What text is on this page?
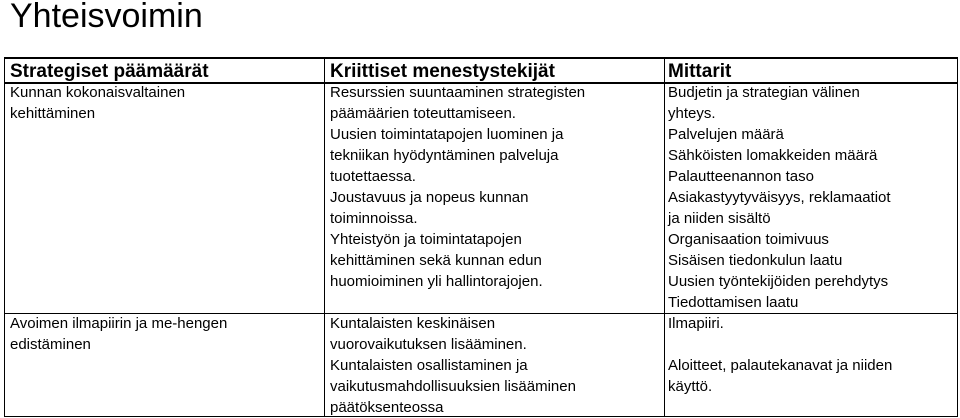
Yhteisvoimin
Strategiset päämäärät	Kriittiset menestystekijät	Mittarit
Kunnan kokonaisvaltainen
kehittäminen
Resurssien suuntaaminen strategisten
päämäärien toteuttamiseen.
Uusien toimintatapojen luominen ja
tekniikan hyödyntäminen palveluja
tuotettaessa.
Joustavuus ja nopeus kunnan
toiminnoissa.
Yhteistyön ja toimintatapojen
kehittäminen sekä kunnan edun
huomioiminen yli hallintorajojen.
Budjetin ja strategian välinen
yhteys.
Palvelujen määrä
Sähköisten lomakkeiden määrä
Palautteenannon taso
Asiakastyytyväisyys, reklamaatiot
ja niiden sisältö
Organisaation toimivuus
Sisäisen tiedonkulun laatu
Uusien työntekijöiden perehdytys
Tiedottamisen laatu
Avoimen ilmapiirin ja me-hengen
edistäminen
Kuntalaisten keskinäisen
vuorovaikutuksen lisääminen.
Kuntalaisten osallistaminen ja
vaikutusmahdollisuuksien lisääminen
päätöksenteossa
Ilmapiiri.
Aloitteet, palautekanavat ja niiden
käyttö.
